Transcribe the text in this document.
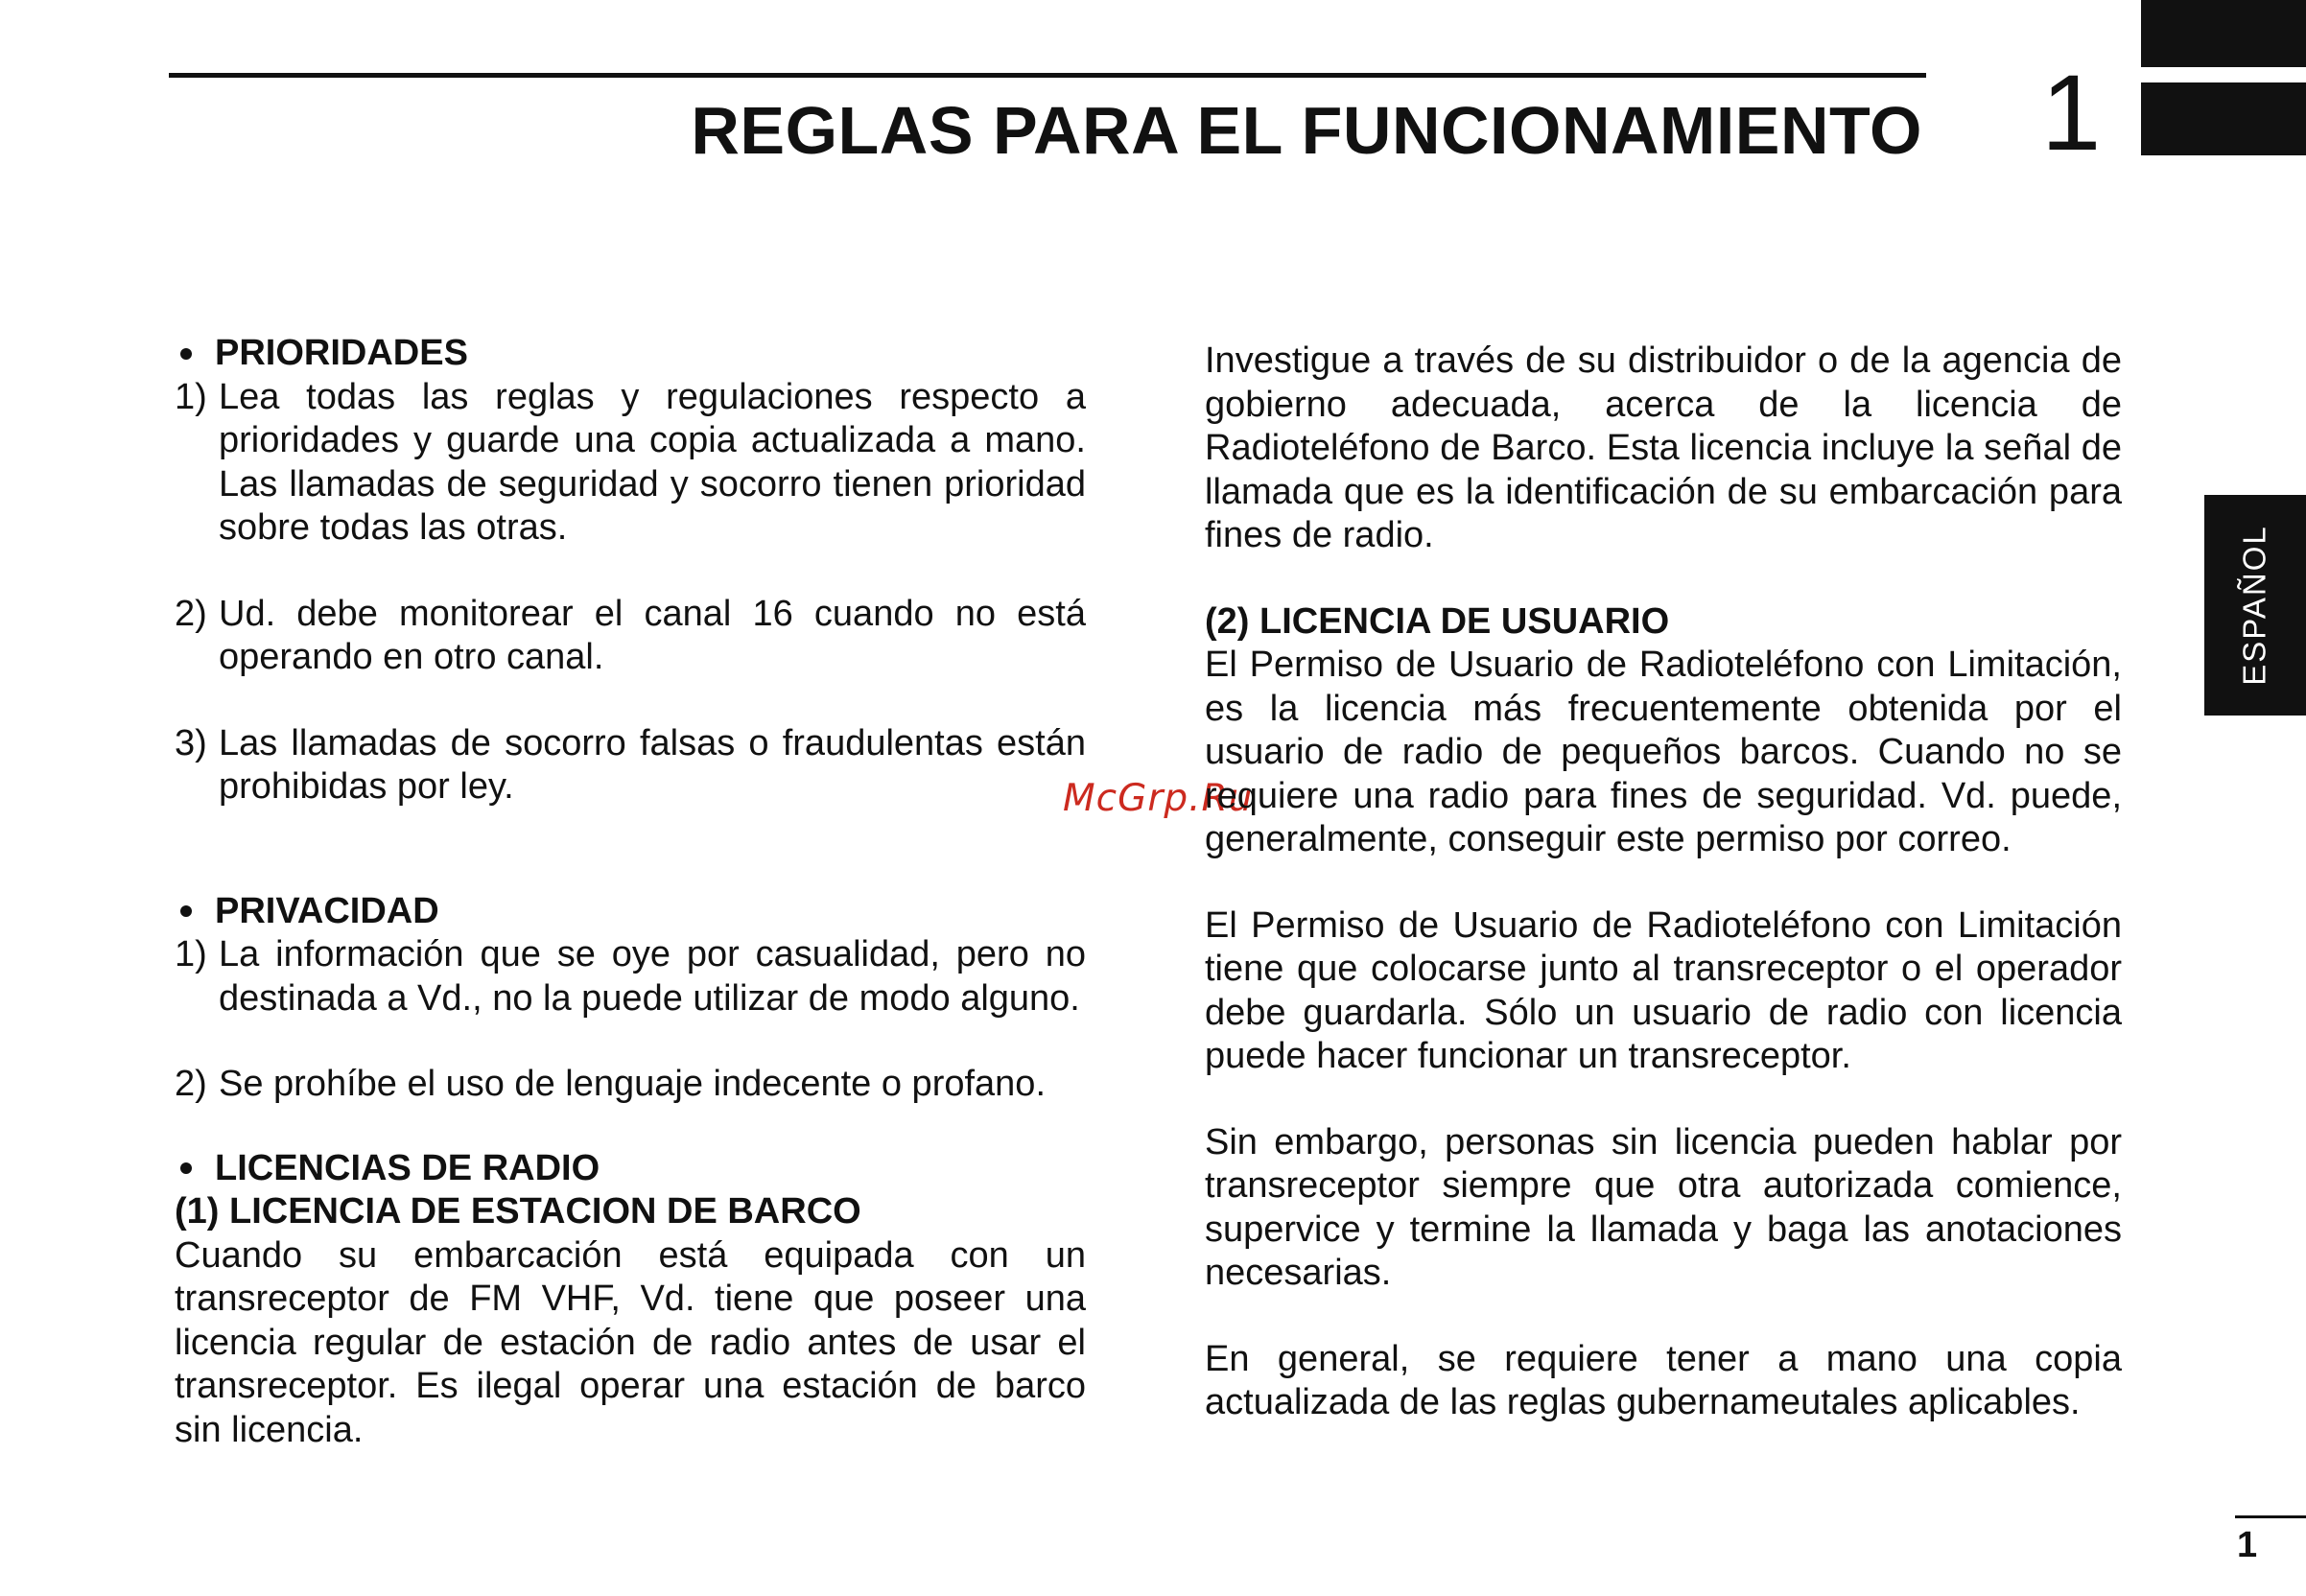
REGLAS PARA EL FUNCIONAMIENTO 1
ESPAÑOL
McGrp.Ru
PRIORIDADES
1) Lea todas las reglas y regulaciones respecto a prioridades y guarde una copia actualizada a mano. Las llamadas de seguridad y socorro tienen prioridad sobre todas las otras.
2) Ud. debe monitorear el canal 16 cuando no está operando en otro canal.
3) Las llamadas de socorro falsas o fraudulentas están prohibidas por ley.
PRIVACIDAD
1) La información que se oye por casualidad, pero no destinada a Vd., no la puede utilizar de modo alguno.
2) Se prohíbe el uso de lenguaje indecente o profano.
LICENCIAS DE RADIO
(1) LICENCIA DE ESTACION DE BARCO
Cuando su embarcación está equipada con un transreceptor de FM VHF, Vd. tiene que poseer una licencia regular de estación de radio antes de usar el transreceptor. Es ilegal operar una estación de barco sin licencia.
Investigue a través de su distribuidor o de la agencia de gobierno adecuada, acerca de la licencia de Radioteléfono de Barco. Esta licencia incluye la señal de llamada que es la identificación de su embarcación para fines de radio.
(2) LICENCIA DE USUARIO
El Permiso de Usuario de Radioteléfono con Limitación, es la licencia más frecuentemente obtenida por el usuario de radio de pequeños barcos. Cuando no se requiere una radio para fines de seguridad. Vd. puede, generalmente, conseguir este permiso por correo.
El Permiso de Usuario de Radioteléfono con Limitación tiene que colocarse junto al transreceptor o el operador debe guardarla. Sólo un usuario de radio con licencia puede hacer funcionar un transreceptor.
Sin embargo, personas sin licencia pueden hablar por transreceptor siempre que otra autorizada comience, supervice y termine la llamada y baga las anotaciones necesarias.
En general, se requiere tener a mano una copia actualizada de las reglas gubernameutales aplicables.
1
